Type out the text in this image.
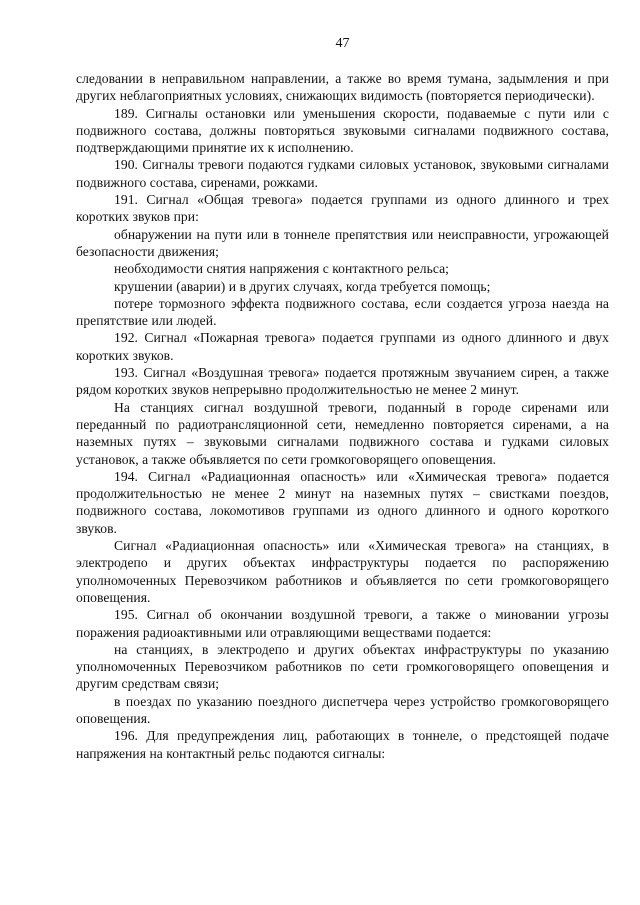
47

следовании в неправильном направлении, а также во время тумана, задымления и при других неблагоприятных условиях, снижающих видимость (повторяется периодически).

189. Сигналы остановки или уменьшения скорости, подаваемые с пути или с подвижного состава, должны повторяться звуковыми сигналами подвижного состава, подтверждающими принятие их к исполнению.

190. Сигналы тревоги подаются гудками силовых установок, звуковыми сигналами подвижного состава, сиренами, рожками.

191. Сигнал «Общая тревога» подается группами из одного длинного и трех коротких звуков при:

обнаружении на пути или в тоннеле препятствия или неисправности, угрожающей безопасности движения;

необходимости снятия напряжения с контактного рельса;

крушении (аварии) и в других случаях, когда требуется помощь;

потере тормозного эффекта подвижного состава, если создается угроза наезда на препятствие или людей.

192. Сигнал «Пожарная тревога» подается группами из одного длинного и двух коротких звуков.

193. Сигнал «Воздушная тревога» подается протяжным звучанием сирен, а также рядом коротких звуков непрерывно продолжительностью не менее 2 минут.

На станциях сигнал воздушной тревоги, поданный в городе сиренами или переданный по радиотрансляционной сети, немедленно повторяется сиренами, а на наземных путях – звуковыми сигналами подвижного состава и гудками силовых установок, а также объявляется по сети громкоговорящего оповещения.

194. Сигнал «Радиационная опасность» или «Химическая тревога» подается продолжительностью не менее 2 минут на наземных путях – свистками поездов, подвижного состава, локомотивов группами из одного длинного и одного короткого звуков.

Сигнал «Радиационная опасность» или «Химическая тревога» на станциях, в электродепо и других объектах инфраструктуры подается по распоряжению уполномоченных Перевозчиком работников и объявляется по сети громкоговорящего оповещения.

195. Сигнал об окончании воздушной тревоги, а также о миновании угрозы поражения радиоактивными или отравляющими веществами подается:

на станциях, в электродепо и других объектах инфраструктуры по указанию уполномоченных Перевозчиком работников по сети громкоговорящего оповещения и другим средствам связи;

в поездах по указанию поездного диспетчера через устройство громкоговорящего оповещения.

196. Для предупреждения лиц, работающих в тоннеле, о предстоящей подаче напряжения на контактный рельс подаются сигналы:
